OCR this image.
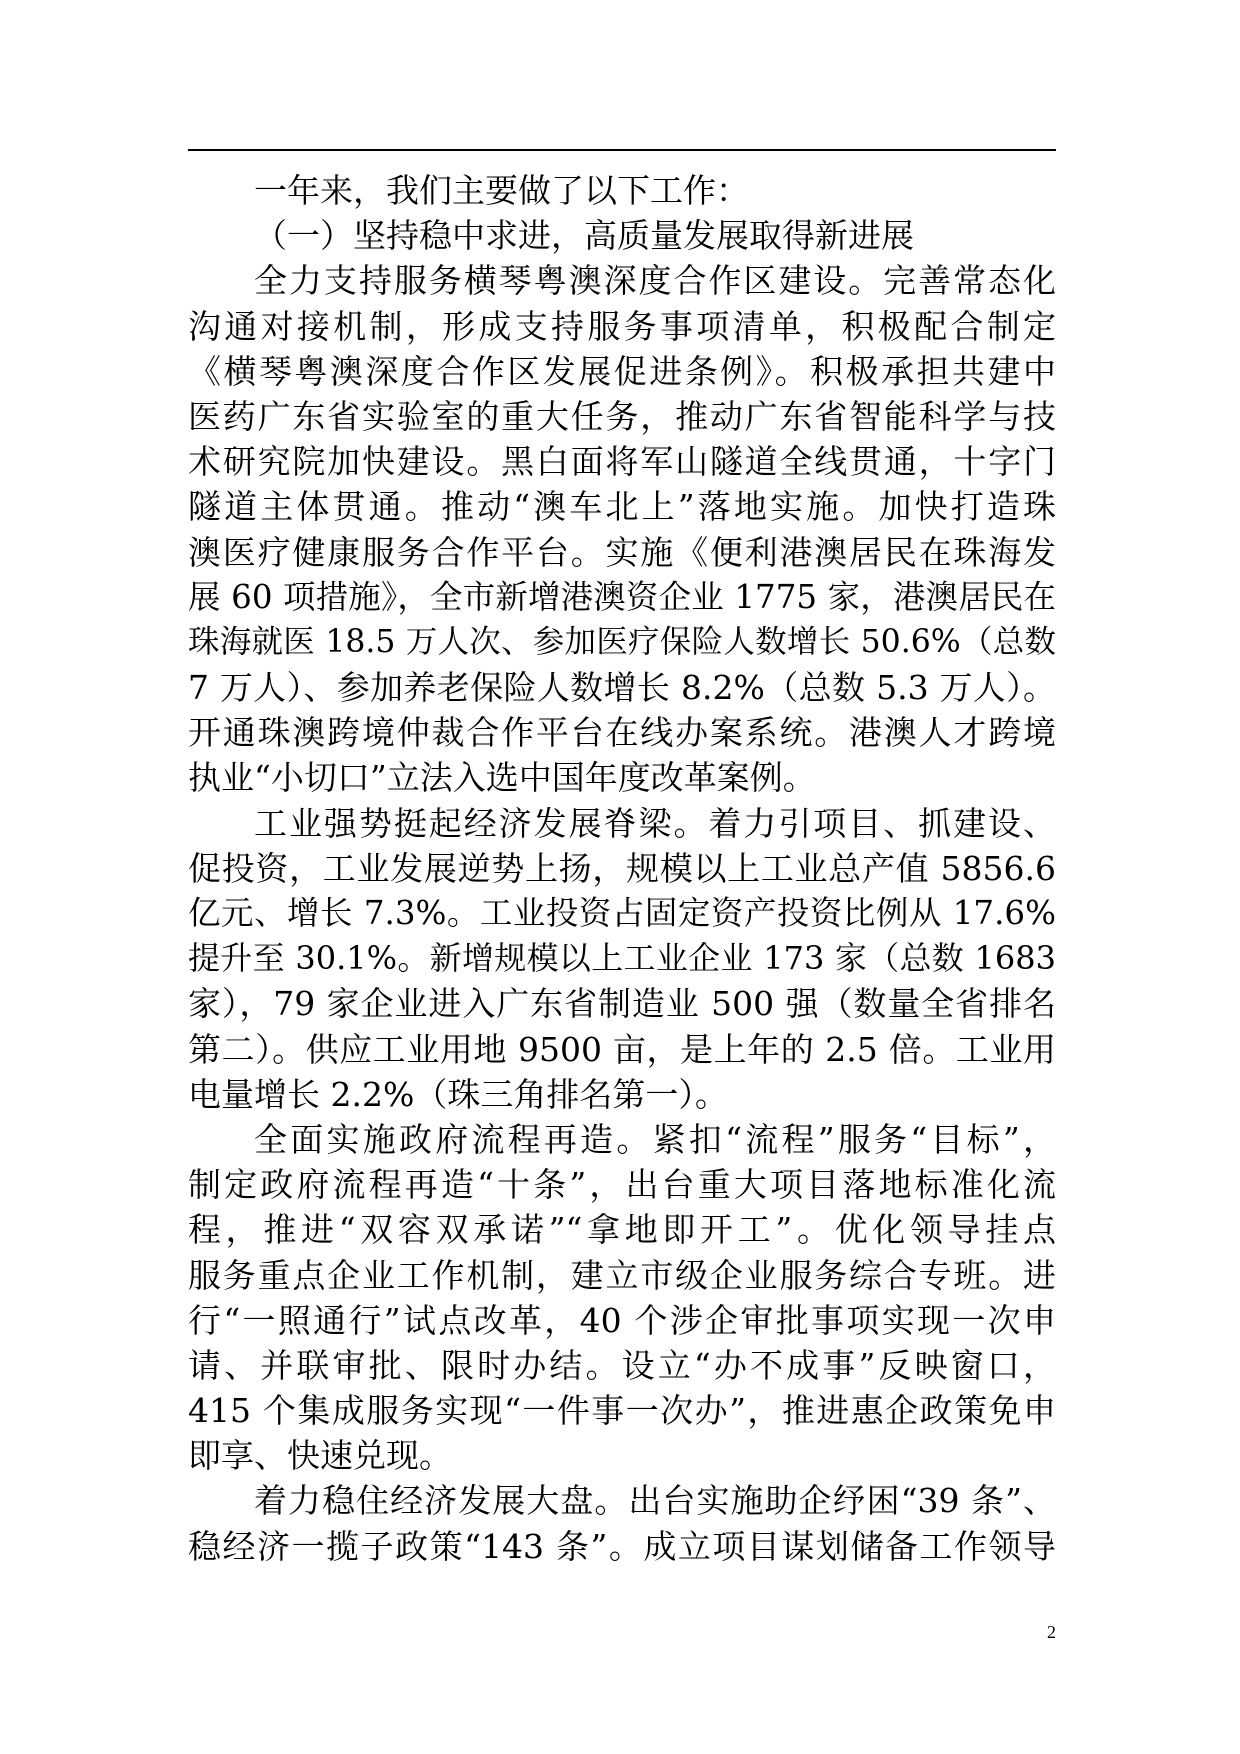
一年来，我们主要做了以下工作：
（一）坚持稳中求进，高质量发展取得新进展
全力支持服务横琴粤澳深度合作区建设。完善常态化
沟通对接机制，形成支持服务事项清单，积极配合制定
《横琴粤澳深度合作区发展促进条例》。积极承担共建中
医药广东省实验室的重大任务，推动广东省智能科学与技
术研究院加快建设。黑白面将军山隧道全线贯通，十字门
隧道主体贯通。推动“澳车北上”落地实施。加快打造珠
澳医疗健康服务合作平台。实施《便利港澳居民在珠海发
展 60 项措施》，全市新增港澳资企业 1775 家，港澳居民在
珠海就医 18.5 万人次、参加医疗保险人数增长 50.6%（总数
7 万人）、参加养老保险人数增长 8.2%（总数 5.3 万人）。
开通珠澳跨境仲裁合作平台在线办案系统。港澳人才跨境
执业“小切口”立法入选中国年度改革案例。
工业强势挺起经济发展脊梁。着力引项目、抓建设、
促投资，工业发展逆势上扬，规模以上工业总产值 5856.6
亿元、增长 7.3%。工业投资占固定资产投资比例从 17.6%
提升至 30.1%。新增规模以上工业企业 173 家（总数 1683
家），79 家企业进入广东省制造业 500 强（数量全省排名
第二）。供应工业用地 9500 亩，是上年的 2.5 倍。工业用
电量增长 2.2%（珠三角排名第一）。
全面实施政府流程再造。紧扣“流程”服务“目标”，
制定政府流程再造“十条”，出台重大项目落地标准化流
程，推进“双容双承诺”“拿地即开工”。优化领导挂点
服务重点企业工作机制，建立市级企业服务综合专班。进
行“一照通行”试点改革，40 个涉企审批事项实现一次申
请、并联审批、限时办结。设立“办不成事”反映窗口，
415 个集成服务实现“一件事一次办”，推进惠企政策免申
即享、快速兑现。
着力稳住经济发展大盘。出台实施助企纾困“39 条”、
稳经济一揽子政策“143 条”。成立项目谋划储备工作领导
2
